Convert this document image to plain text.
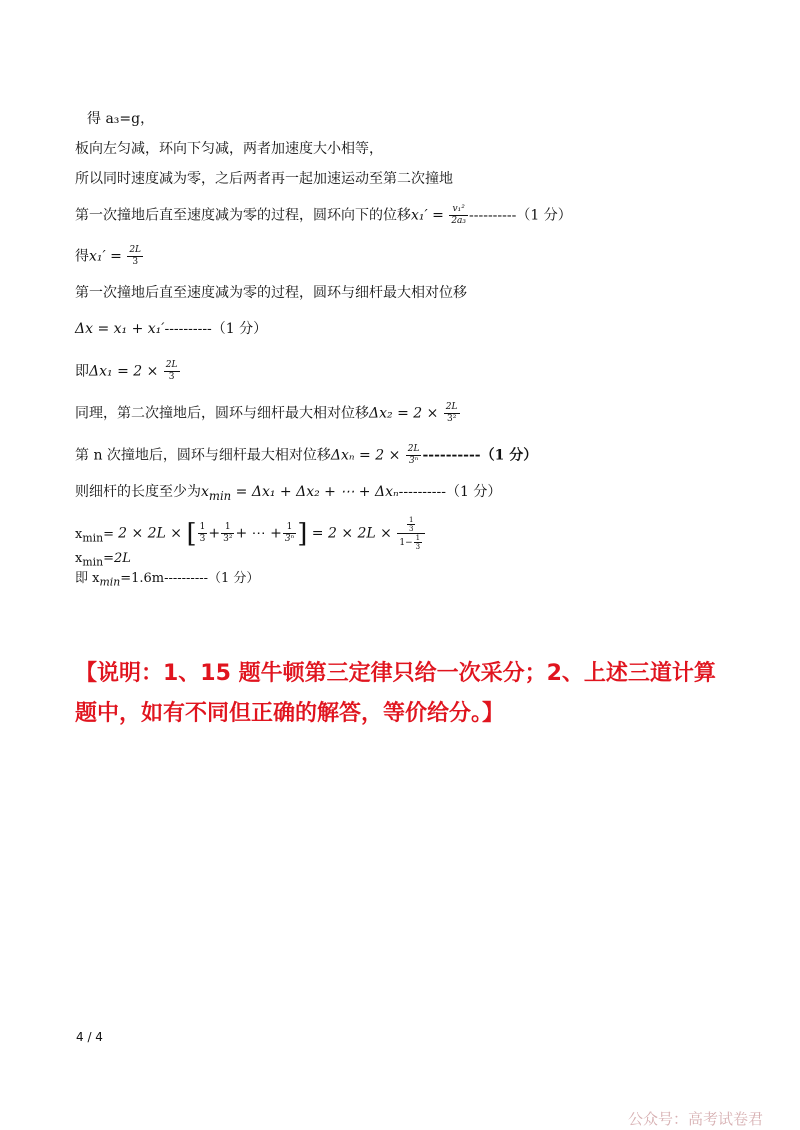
得 a₃=g，
板向左匀减，环向下匀减，两者加速度大小相等，
所以同时速度减为零，之后两者再一起加速运动至第二次撞地
第一次撞地后直至速度减为零的过程，圆环向下的位移$x_1' = \frac{\text{v₁²}}{\text{2a₃}} ----------(1$ 分）
得$x_1' = \frac{2L}{3}$
第一次撞地后直至速度减为零的过程，圆环与细杆最大相对位移
Δx = x₁ + x₁′----------（1 分）
即$\Delta x_1 = 2 \times \frac{2L}{3}$
同理，第二次撞地后，圆环与细杆最大相对位移$\Delta x_2 = 2 \times \frac{2L}{\text{3²}}$
第 n 次撞地后，圆环与细杆最大相对位移$\Delta x_n = 2 \times \frac{2L}{\text{3ⁿ}} ----------(1$ 分）
则细杆的长度至少为$x_{min} = \Delta x_1 + \Delta x_2$ + ⋯ + Δxₙ----------（1 分）
$x_{min}= 2 \times 2L$ × [ $\frac{1}{3} + \frac{1}{\text{3²}}$ + ⋯ + $\frac{1}{\text{3ⁿ}}$ ] = $2 \times 2L \times \frac{\frac{1}{3}}{1- \frac{1}{3}}$
$x_{min}=2L$
即 $x_{min}=1.6m----------(1$ 分）
【说明：1、15 题牛顿第三定律只给一次采分；2、上述三道计算题中，如有不同但正确的解答，等价给分。】
4 / 4
公众号：高考试卷君
